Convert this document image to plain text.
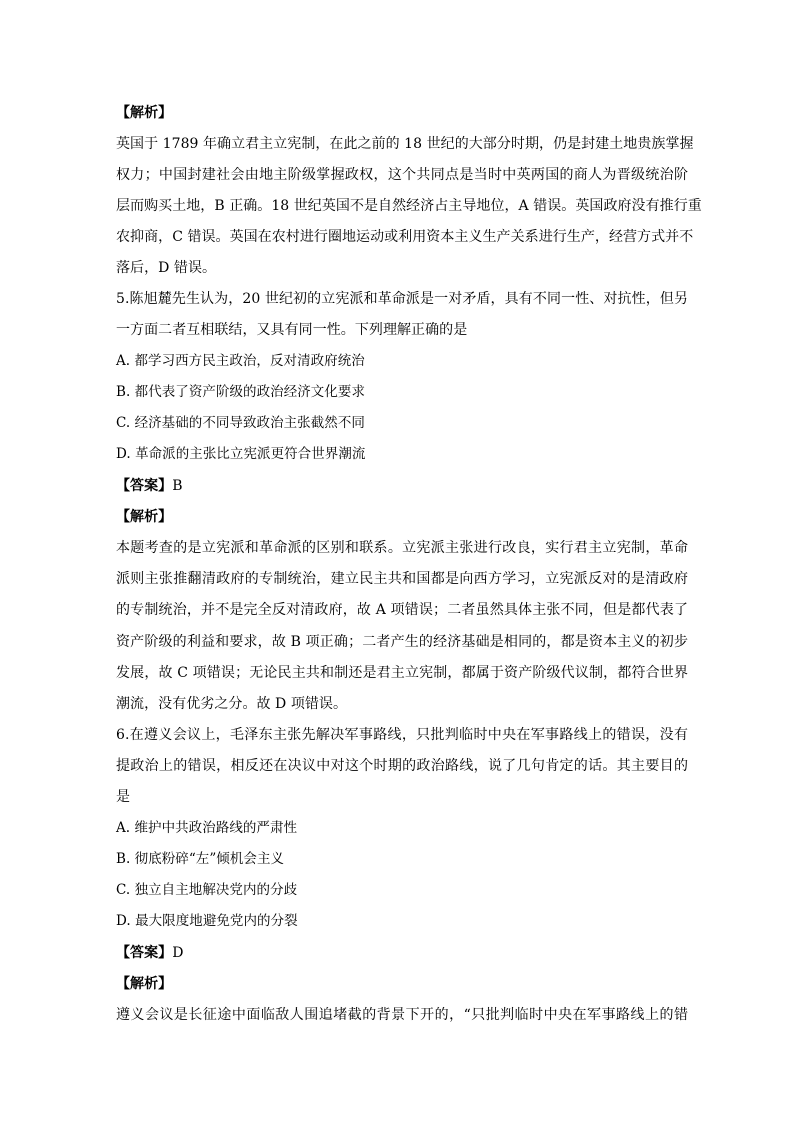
【解析】
英国于 1789 年确立君主立宪制，在此之前的 18 世纪的大部分时期，仍是封建土地贵族掌握
权力；中国封建社会由地主阶级掌握政权，这个共同点是当时中英两国的商人为晋级统治阶
层而购买土地，B 正确。18 世纪英国不是自然经济占主导地位，A 错误。英国政府没有推行重
农抑商，C 错误。英国在农村进行圈地运动或利用资本主义生产关系进行生产，经营方式并不
落后，D 错误。
5.陈旭麓先生认为，20 世纪初的立宪派和革命派是一对矛盾，具有不同一性、对抗性，但另
一方面二者互相联结，又具有同一性。下列理解正确的是
A. 都学习西方民主政治，反对清政府统治
B. 都代表了资产阶级的政治经济文化要求
C. 经济基础的不同导致政治主张截然不同
D. 革命派的主张比立宪派更符合世界潮流
【答案】B
【解析】
本题考查的是立宪派和革命派的区别和联系。立宪派主张进行改良，实行君主立宪制，革命
派则主张推翻清政府的专制统治，建立民主共和国都是向西方学习，立宪派反对的是清政府
的专制统治，并不是完全反对清政府，故 A 项错误；二者虽然具体主张不同，但是都代表了
资产阶级的利益和要求，故 B 项正确；二者产生的经济基础是相同的，都是资本主义的初步
发展，故 C 项错误；无论民主共和制还是君主立宪制，都属于资产阶级代议制，都符合世界
潮流，没有优劣之分。故 D 项错误。
6.在遵义会议上，毛泽东主张先解决军事路线，只批判临时中央在军事路线上的错误，没有
提政治上的错误，相反还在决议中对这个时期的政治路线，说了几句肯定的话。其主要目的
是
A. 维护中共政治路线的严肃性
B. 彻底粉碎“左”倾机会主义
C. 独立自主地解决党内的分歧
D. 最大限度地避免党内的分裂
【答案】D
【解析】
遵义会议是长征途中面临敌人围追堵截的背景下开的，“只批判临时中央在军事路线上的错
